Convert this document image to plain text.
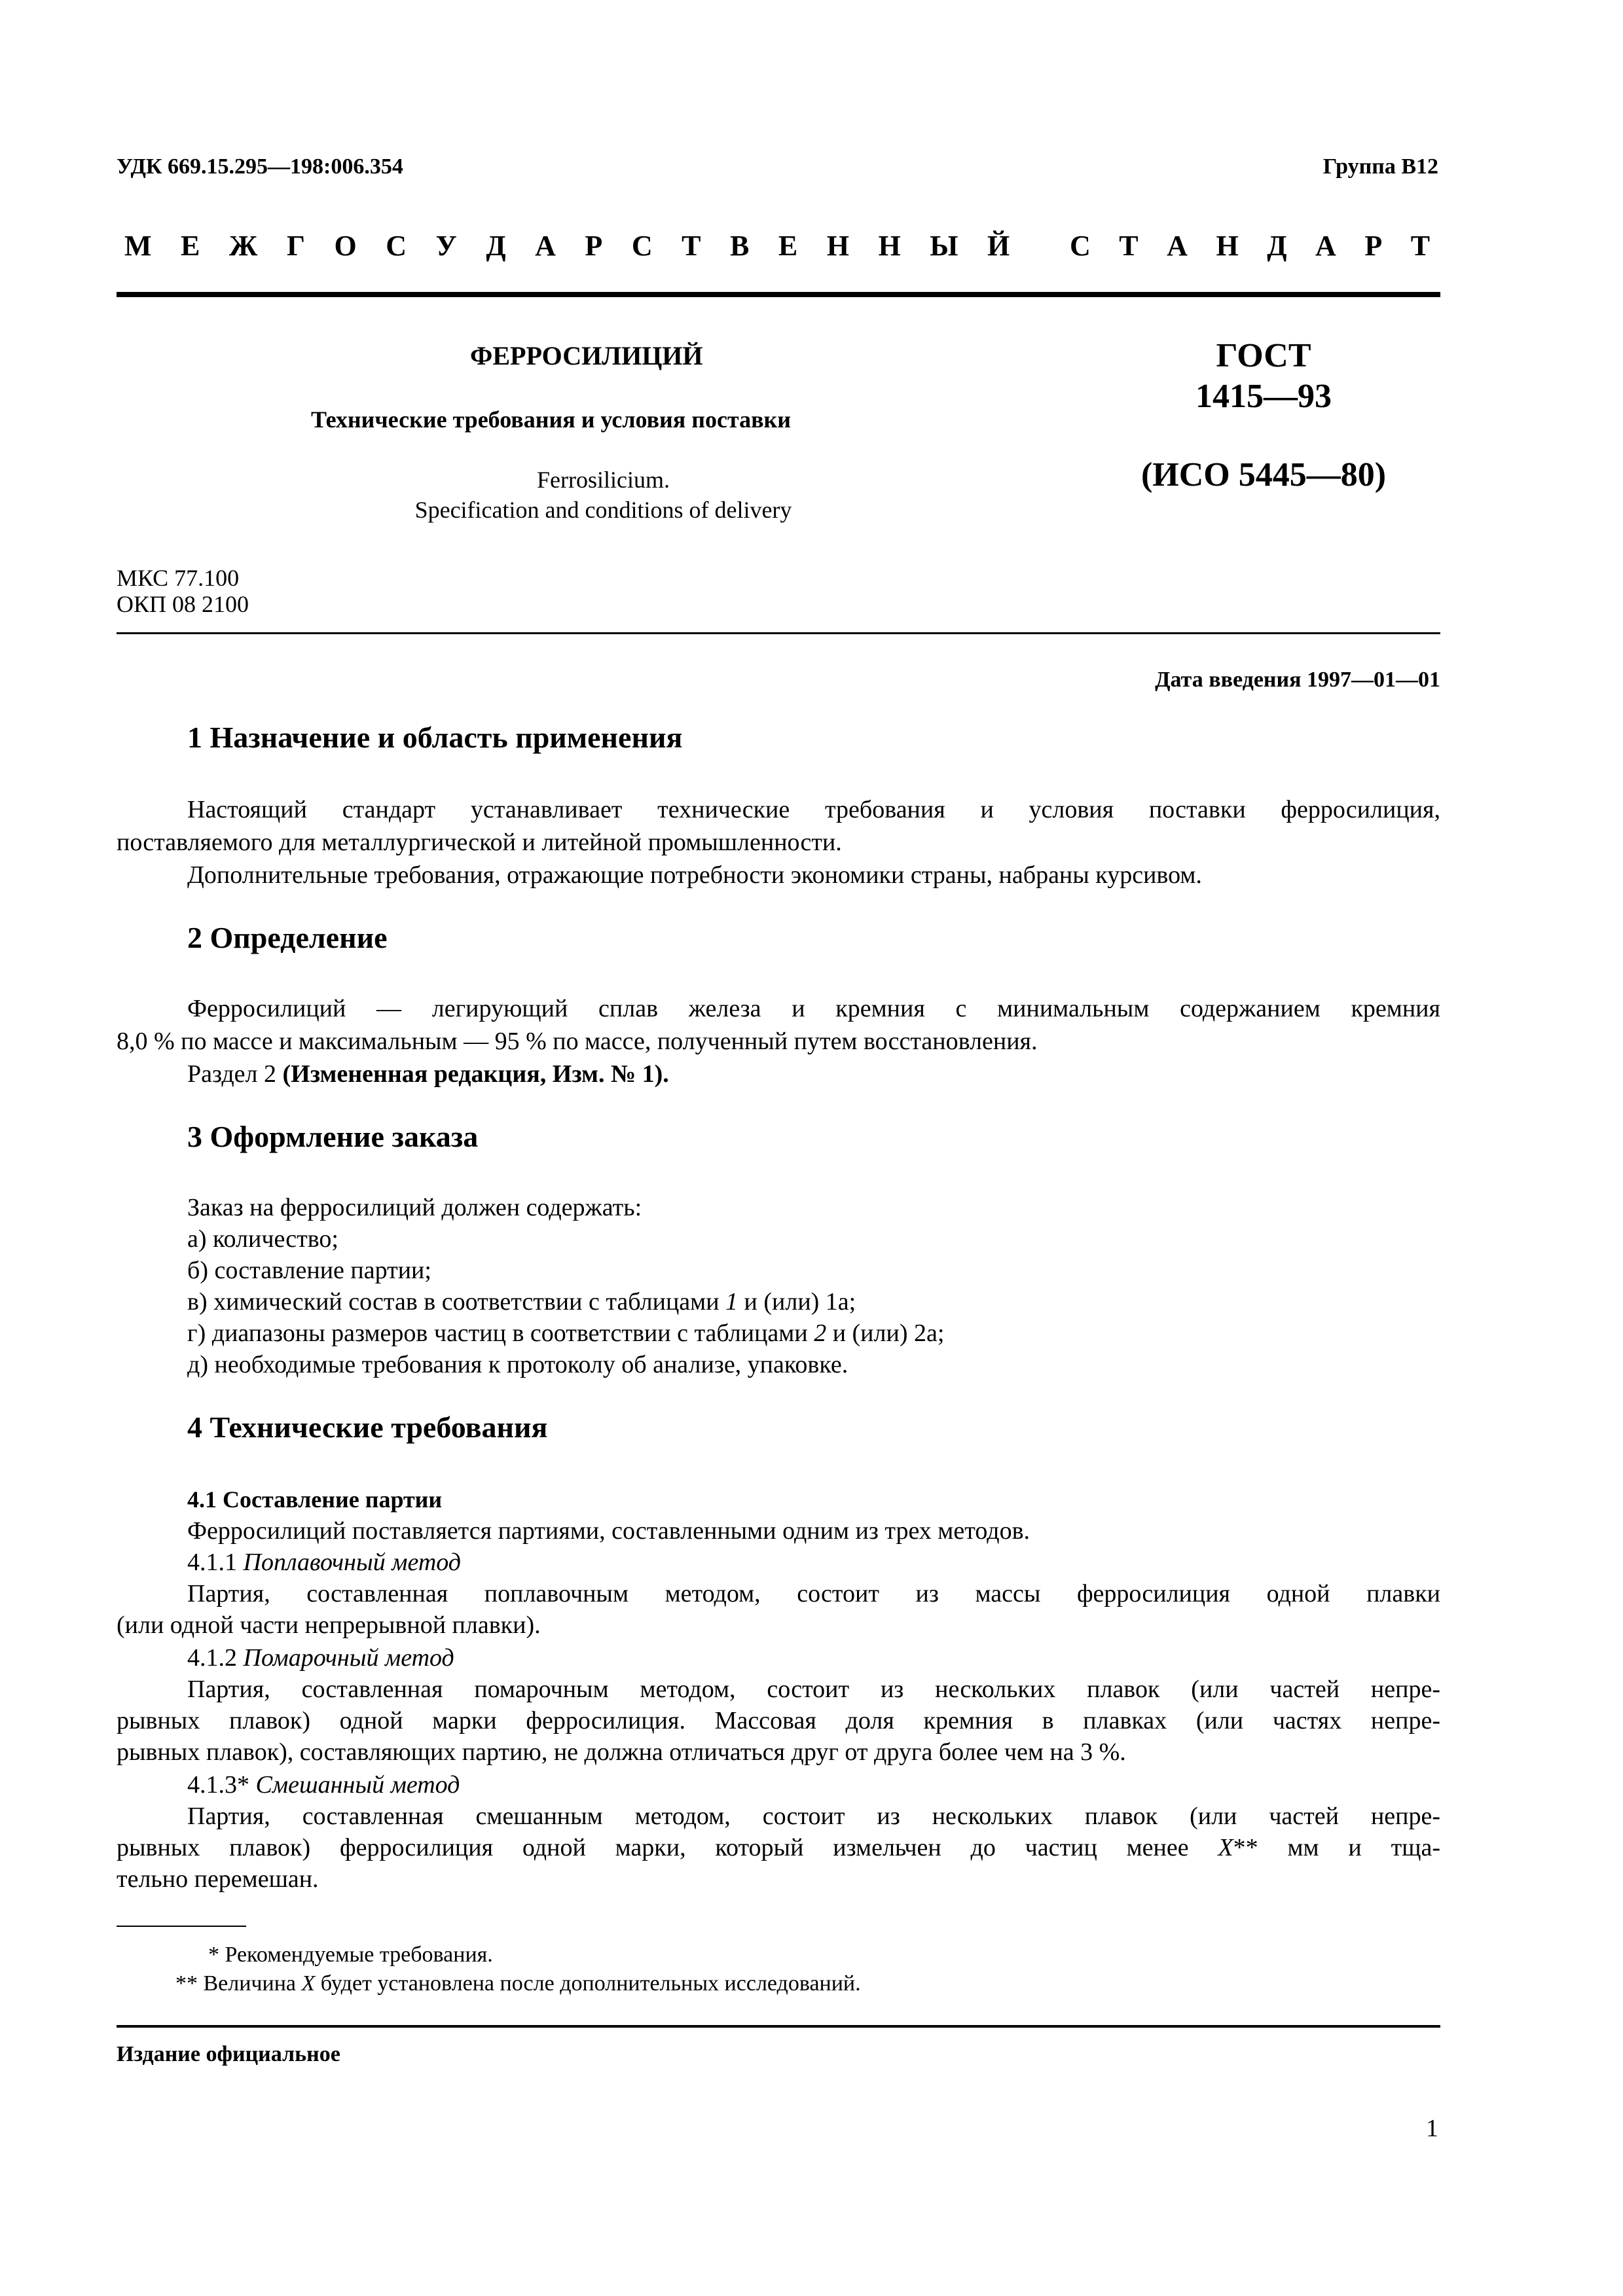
УДК 669.15.295—198:006.354	Группа В12
М Е Ж Г О С У Д А Р С Т В Е Н Н Ы Й С Т А Н Д А Р Т
ФЕРРОСИЛИЦИЙ
Технические требования и условия поставки
Ferrosilicium.
Specification and conditions of delivery
ГОСТ
1415—93
(ИСО 5445—80)
МКС 77.100
ОКП 08 2100
Дата введения 1997—01—01
1 Назначение и область применения
Настоящий стандарт устанавливает технические требования и условия поставки ферросилиция,
поставляемого для металлургической и литейной промышленности.
Дополнительные требования, отражающие потребности экономики страны, набраны курсивом.
2 Определение
Ферросилиций — легирующий сплав железа и кремния с минимальным содержанием кремния
8,0 % по массе и максимальным — 95 % по массе, полученный путем восстановления.
Раздел 2 (Измененная редакция, Изм. № 1).
3 Оформление заказа
Заказ на ферросилиций должен содержать:
а) количество;
б) составление партии;
в) химический состав в соответствии с таблицами 1 и (или) 1а;
г) диапазоны размеров частиц в соответствии с таблицами 2 и (или) 2а;
д) необходимые требования к протоколу об анализе, упаковке.
4 Технические требования
4.1 Составление партии
Ферросилиций поставляется партиями, составленными одним из трех методов.
4.1.1 Поплавочный метод
Партия, составленная поплавочным методом, состоит из массы ферросилиция одной плавки
(или одной части непрерывной плавки).
4.1.2 Помарочный метод
Партия, составленная помарочным методом, состоит из нескольких плавок (или частей непре-
рывных плавок) одной марки ферросилиция. Массовая доля кремния в плавках (или частях непре-
рывных плавок), составляющих партию, не должна отличаться друг от друга более чем на 3 %.
4.1.3* Смешанный метод
Партия, составленная смешанным методом, состоит из нескольких плавок (или частей непре-
рывных плавок) ферросилиция одной марки, который измельчен до частиц менее X** мм и тща-
тельно перемешан.
* Рекомендуемые требования.
** Величина X будет установлена после дополнительных исследований.
Издание официальное
1
